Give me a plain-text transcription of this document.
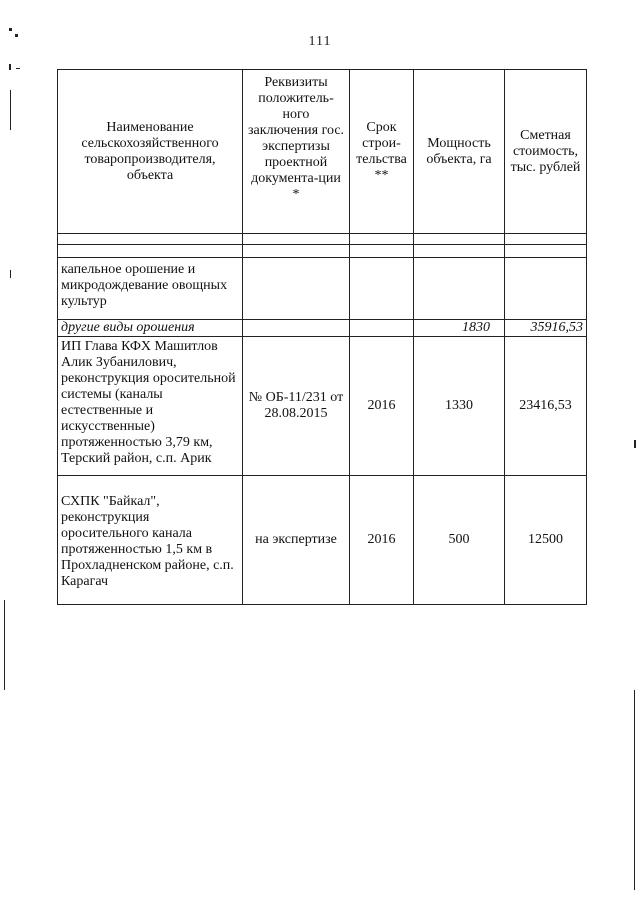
111
Наименование сельскохозяйственного товаропроизводителя, объекта	Реквизиты положитель-ного заключения гос. экспертизы проектной документа-ции *	Срок строи-тельства **	Мощность объекта, га	Сметная стоимость, тыс. рублей

капельное орошение и микродождевание овощных культур				

другие виды орошения			1830	35916,53
ИП Глава КФХ Машитлов Алик Зубанилович, реконструкция оросительной системы (каналы естественные и искусственные) протяженностью 3,79 км, Терский район, с.п. Арик	№ ОБ-11/231 от 28.08.2015	2016	1330	23416,53
СХПК "Байкал", реконструкция оросительного канала протяженностью 1,5 км в Прохладненском районе, с.п. Карагач	на экспертизе	2016	500	12500
